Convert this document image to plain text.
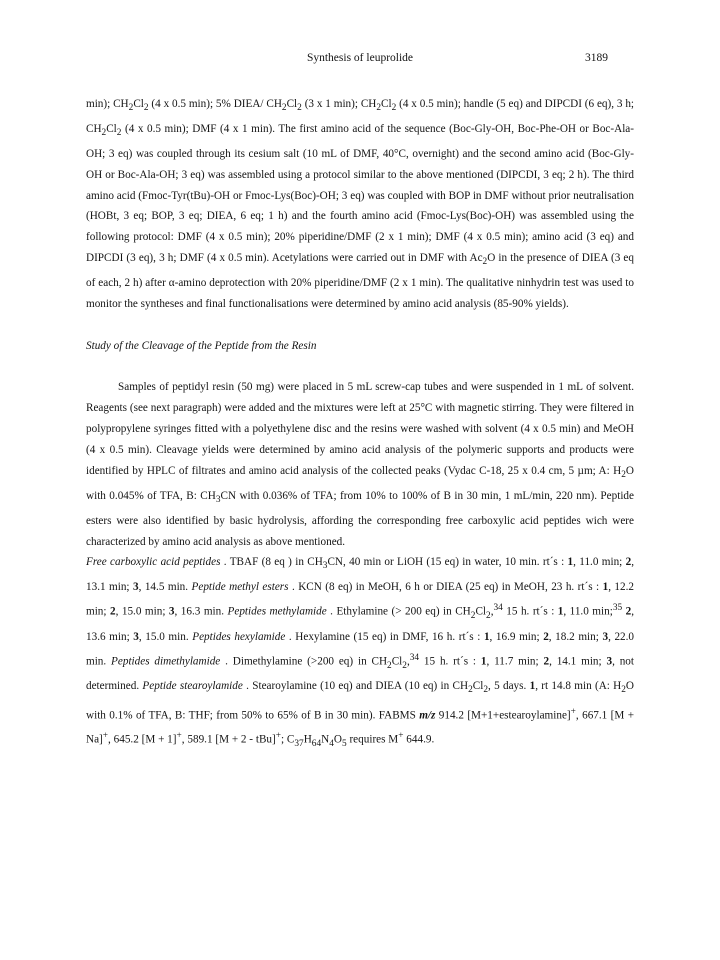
Synthesis of leuprolide	3189

min); $CH_2Cl_2$ (4 x 0.5 min); 5% DIEA/ $CH_2Cl_2$ (3 x 1 min); $CH_2Cl_2$ (4 x 0.5 min); handle (5 eq) and DIPCDI (6 eq), 3 h; $CH_2Cl_2$ (4 x 0.5 min); DMF (4 x 1 min). The first amino acid of the sequence (Boc-Gly-OH, Boc-Phe-OH or Boc-Ala-OH; 3 eq) was coupled through its cesium salt (10 mL of DMF, 40°C, overnight) and the second amino acid (Boc-Gly-OH or Boc-Ala-OH; 3 eq) was assembled using a protocol similar to the above mentioned (DIPCDI, 3 eq; 2 h). The third amino acid (Fmoc-Tyr(tBu)-OH or Fmoc-Lys(Boc)-OH; 3 eq) was coupled with BOP in DMF without prior neutralisation (HOBt, 3 eq; BOP, 3 eq; DIEA, 6 eq; 1 h) and the fourth amino acid (Fmoc-Lys(Boc)-OH) was assembled using the following protocol: DMF (4 x 0.5 min); 20% piperidine/DMF (2 x 1 min); DMF (4 x 0.5 min); amino acid (3 eq) and DIPCDI (3 eq), 3 h; DMF (4 x 0.5 min). Acetylations were carried out in DMF with $Ac_2O$ in the presence of DIEA (3 eq of each, 2 h) after α-amino deprotection with 20% piperidine/DMF (2 x 1 min). The qualitative ninhydrin test was used to monitor the syntheses and final functionalisations were determined by amino acid analysis (85-90% yields).

Study of the Cleavage of the Peptide from the Resin

Samples of peptidyl resin (50 mg) were placed in 5 mL screw-cap tubes and were suspended in 1 mL of solvent. Reagents (see next paragraph) were added and the mixtures were left at 25°C with magnetic stirring. They were filtered in polypropylene syringes fitted with a polyethylene disc and the resins were washed with solvent (4 x 0.5 min) and MeOH (4 x 0.5 min). Cleavage yields were determined by amino acid analysis of the polymeric supports and products were identified by HPLC of filtrates and amino acid analysis of the collected peaks (Vydac C-18, 25 x 0.4 cm, 5 µm; A: $H_2O$ with 0.045% of TFA, B: $CH_3CN$ with 0.036% of TFA; from 10% to 100% of B in 30 min, 1 mL/min, 220 nm). Peptide esters were also identified by basic hydrolysis, affording the corresponding free carboxylic acid peptides wich were characterized by amino acid analysis as above mentioned.

Free carboxylic acid peptides . TBAF (8 eq ) in $CH_3CN$, 40 min or LiOH (15 eq) in water, 10 min. rt´s : 1, 11.0 min; 2, 13.1 min; 3, 14.5 min. Peptide methyl esters . KCN (8 eq) in MeOH, 6 h or DIEA (25 eq) in MeOH, 23 h. rt´s : 1, 12.2 min; 2, 15.0 min; 3, 16.3 min. Peptides methylamide . Ethylamine (> 200 eq) in $CH_2Cl_2,^{34}$ 15 h. rt´s : 1, 11.0 min;$^{35}$ 2, 13.6 min; 3, 15.0 min. Peptides hexylamide . Hexylamine (15 eq) in DMF, 16 h. rt´s : 1, 16.9 min; 2, 18.2 min; 3, 22.0 min. Peptides dimethylamide . Dimethylamine (>200 eq) in $CH_2Cl_2,^{34}$ 15 h. rt´s : 1, 11.7 min; 2, 14.1 min; 3, not determined. Peptide stearoylamide . Stearoylamine (10 eq) and DIEA (10 eq) in $CH_2Cl_2$, 5 days. 1, rt 14.8 min (A: $H_2O$ with 0.1% of TFA, B: THF; from 50% to 65% of B in 30 min). FABMS m/z 914.2 [M+1+estearoylamine]+, 667.1 [M + Na]+, 645.2 [M + 1]+, 589.1 [M + 2 - tBu]+; $C_{37}H_{64}N_4O_5$ requires M+ 644.9.
